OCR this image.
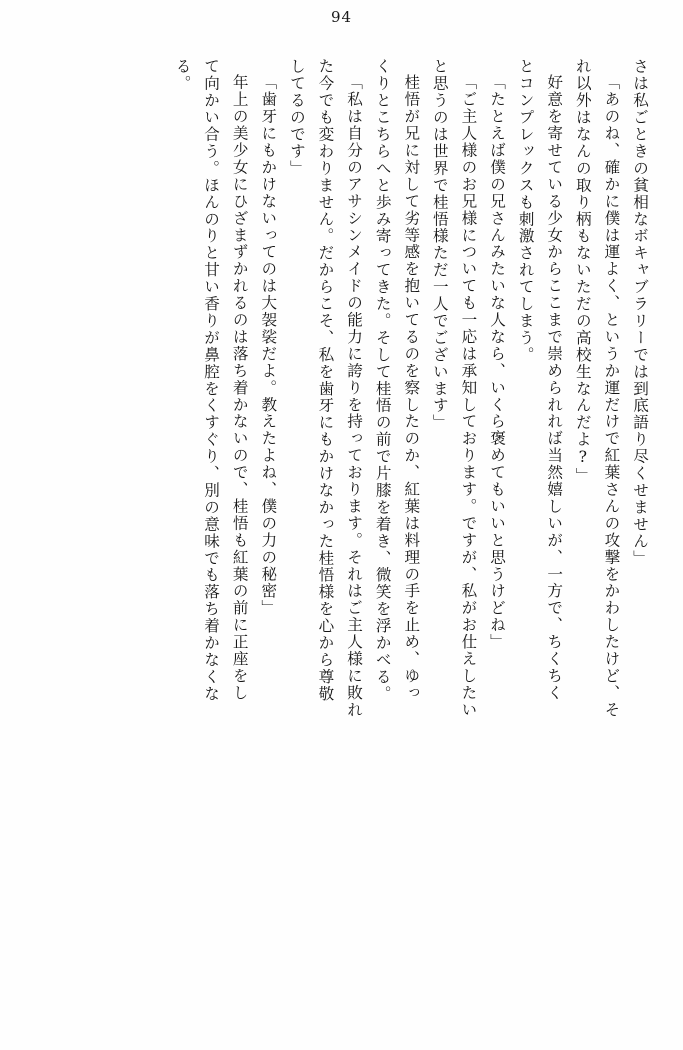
94
さは私ごときの貧相なボキャブラリーでは到底語り尽くせません」
「あのね、確かに僕は運よく、というか運だけで紅葉さんの攻撃をかわしたけど、そ
れ以外はなんの取り柄もないただの高校生なんだよ?」
好意を寄せている少女からここまで崇められれば当然嬉しいが、一方で、ちくちく
とコンプレックスも刺激されてしまう。
「たとえば僕の兄さんみたいな人なら、いくら褒めてもいいと思うけどね」
「ご主人様のお兄様についても一応は承知しております。ですが、私がお仕えしたい
と思うのは世界で桂悟様ただ一人でございます」
桂悟が兄に対して劣等感を抱いてるのを察したのか、紅葉は料理の手を止め、ゆっ
くりとこちらへと歩み寄ってきた。そして桂悟の前で片膝を着き、微笑を浮かべる。
「私は自分のアサシンメイドの能力に誇りを持っております。それはご主人様に敗れ
た今でも変わりません。だからこそ、私を歯牙にもかけなかった桂悟様を心から尊敬
してるのです」
「歯牙にもかけないってのは大袈裟だよ。教えたよね、僕の力の秘密」
年上の美少女にひざまずかれるのは落ち着かないので、桂悟も紅葉の前に正座をし
て向かい合う。ほんのりと甘い香りが鼻腔をくすぐり、別の意味でも落ち着かなくな
る。
